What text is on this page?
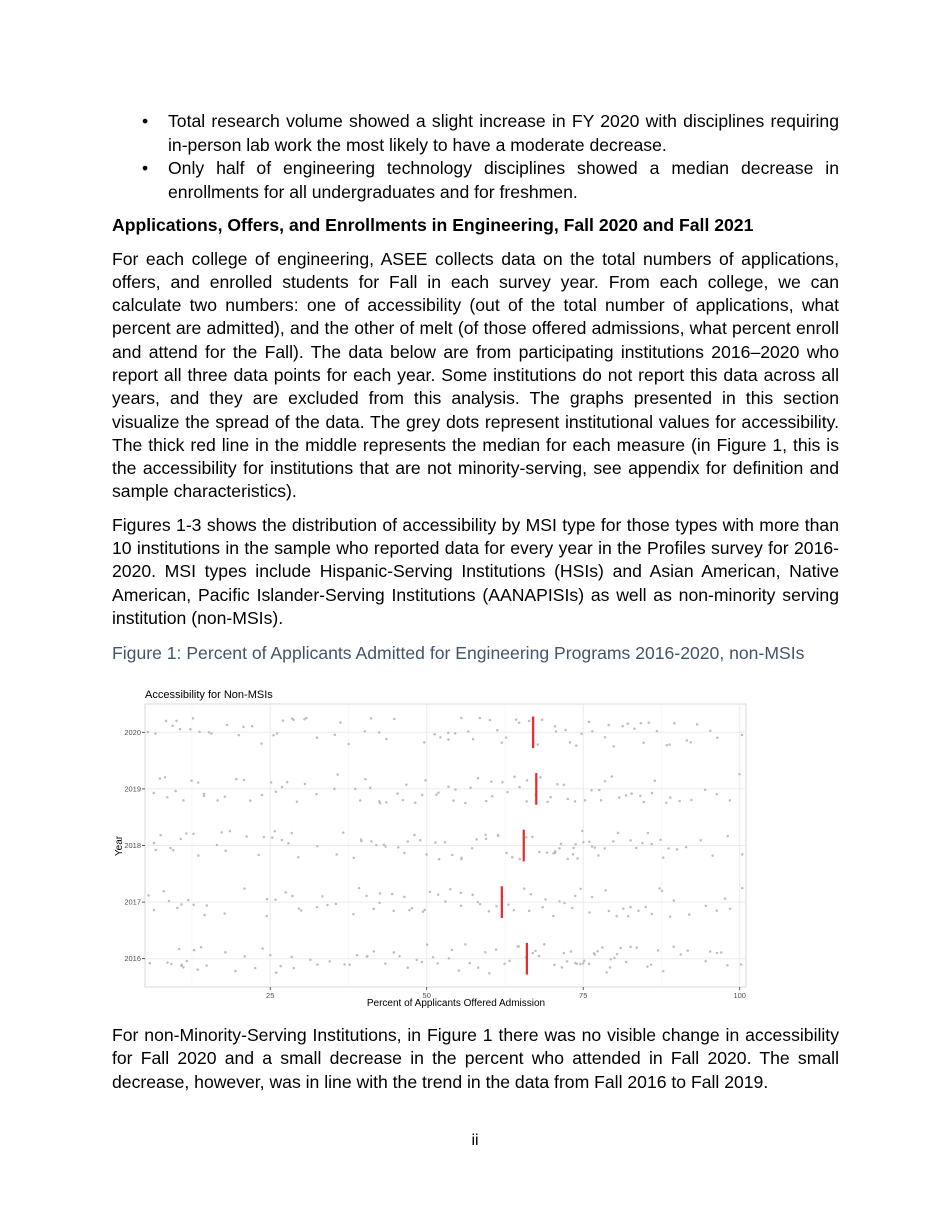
• Total research volume showed a slight increase in FY 2020 with disciplines requiring in-person lab work the most likely to have a moderate decrease.
• Only half of engineering technology disciplines showed a median decrease in enrollments for all undergraduates and for freshmen.
Applications, Offers, and Enrollments in Engineering, Fall 2020 and Fall 2021

For each college of engineering, ASEE collects data on the total numbers of applications, offers, and enrolled students for Fall in each survey year. From each college, we can calculate two numbers: one of accessibility (out of the total number of applications, what percent are admitted), and the other of melt (of those offered admissions, what percent enroll and attend for the Fall). The data below are from participating institutions 2016–2020 who report all three data points for each year. Some institutions do not report this data across all years, and they are excluded from this analysis. The graphs presented in this section visualize the spread of the data. The grey dots represent institutional values for accessibility. The thick red line in the middle represents the median for each measure (in Figure 1, this is the accessibility for institutions that are not minority-serving, see appendix for definition and sample characteristics).

Figures 1-3 shows the distribution of accessibility by MSI type for those types with more than 10 institutions in the sample who reported data for every year in the Profiles survey for 2016-2020. MSI types include Hispanic-Serving Institutions (HSIs) and Asian American, Native American, Pacific Islander-Serving Institutions (AANAPISIs) as well as non-minority serving institution (non-MSIs).

Figure 1: Percent of Applicants Admitted for Engineering Programs 2016-2020, non-MSIs
Accessibility for Non-MSIs
Percent of Applicants Offered Admission
Year
25	50	75	100
2016
2017
2018
2019
2020

For non-Minority-Serving Institutions, in Figure 1 there was no visible change in accessibility for Fall 2020 and a small decrease in the percent who attended in Fall 2020. The small decrease, however, was in line with the trend in the data from Fall 2016 to Fall 2019.

ii
